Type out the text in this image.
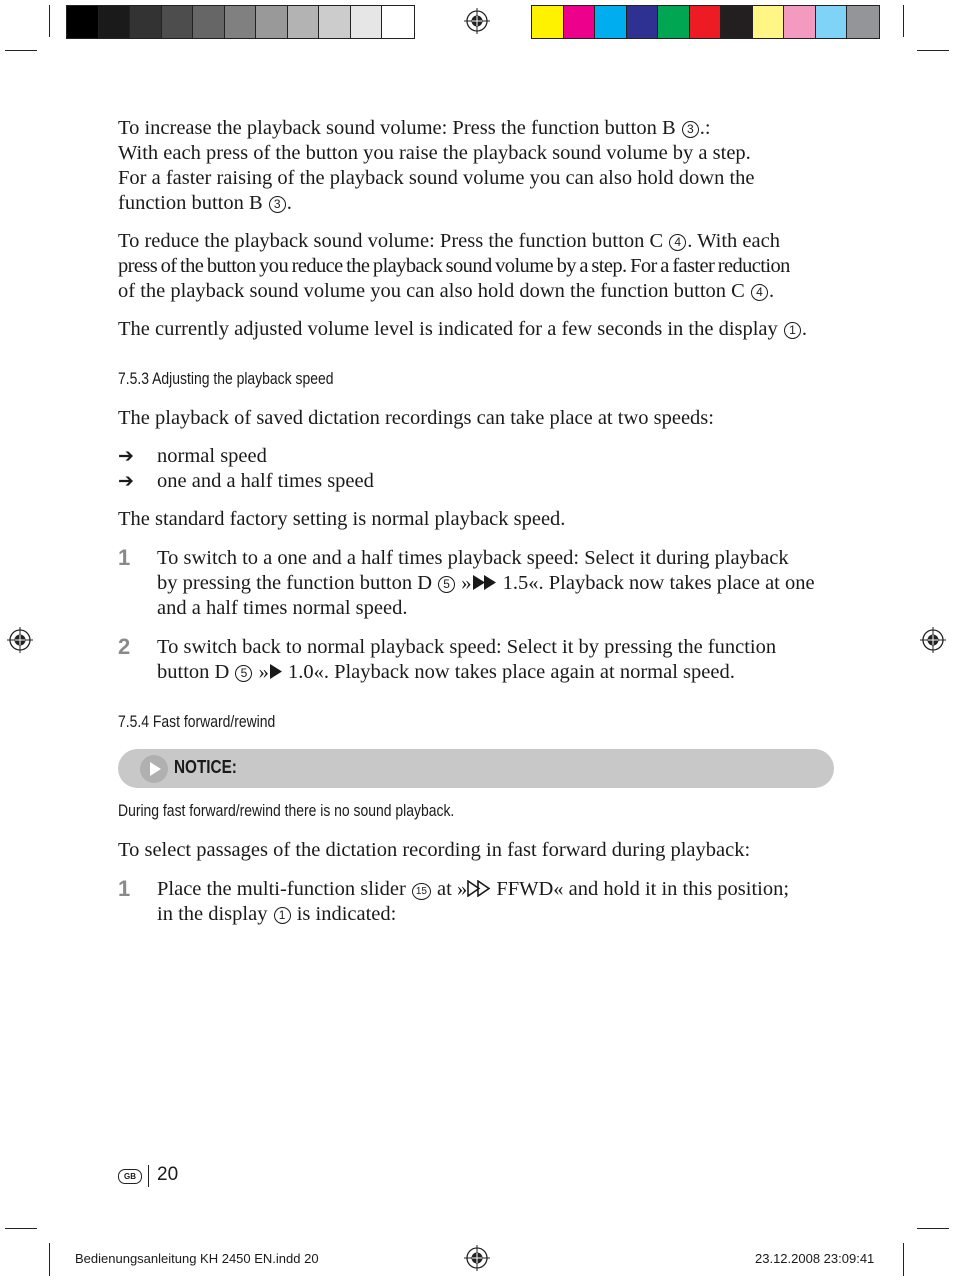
To increase the playback sound volume: Press the function button B 3 .:
With each press of the button you raise the playback sound volume by a step.
For a faster raising of the playback sound volume you can also hold down the
function button B 3 .
To reduce the playback sound volume: Press the function button C 4 . With each
press of the button you reduce the playback sound volume by a step. For a faster reduction
of the playback sound volume you can also hold down the function button C 4 .
The currently adjusted volume level is indicated for a few seconds in the display 1 .
7.5.3 Adjusting the playback speed
The playback of saved dictation recordings can take place at two speeds:
➔ normal speed
➔ one and a half times speed
The standard factory setting is normal playback speed.
1 To switch to a one and a half times playback speed: Select it during playback
by pressing the function button D 5 » 1.5«. Playback now takes place at one
and a half times normal speed.
2 To switch back to normal playback speed: Select it by pressing the function
button D 5 » 1.0«. Playback now takes place again at normal speed.
7.5.4 Fast forward/rewind
NOTICE:
During fast forward/rewind there is no sound playback.
To select passages of the dictation recording in fast forward during playback:
1 Place the multi-function slider 15 at » FFWD« and hold it in this position;
in the display 1 is indicated:
GB	20
Bedienungsanleitung KH 2450 EN.indd 20	23.12.2008 23:09:41
